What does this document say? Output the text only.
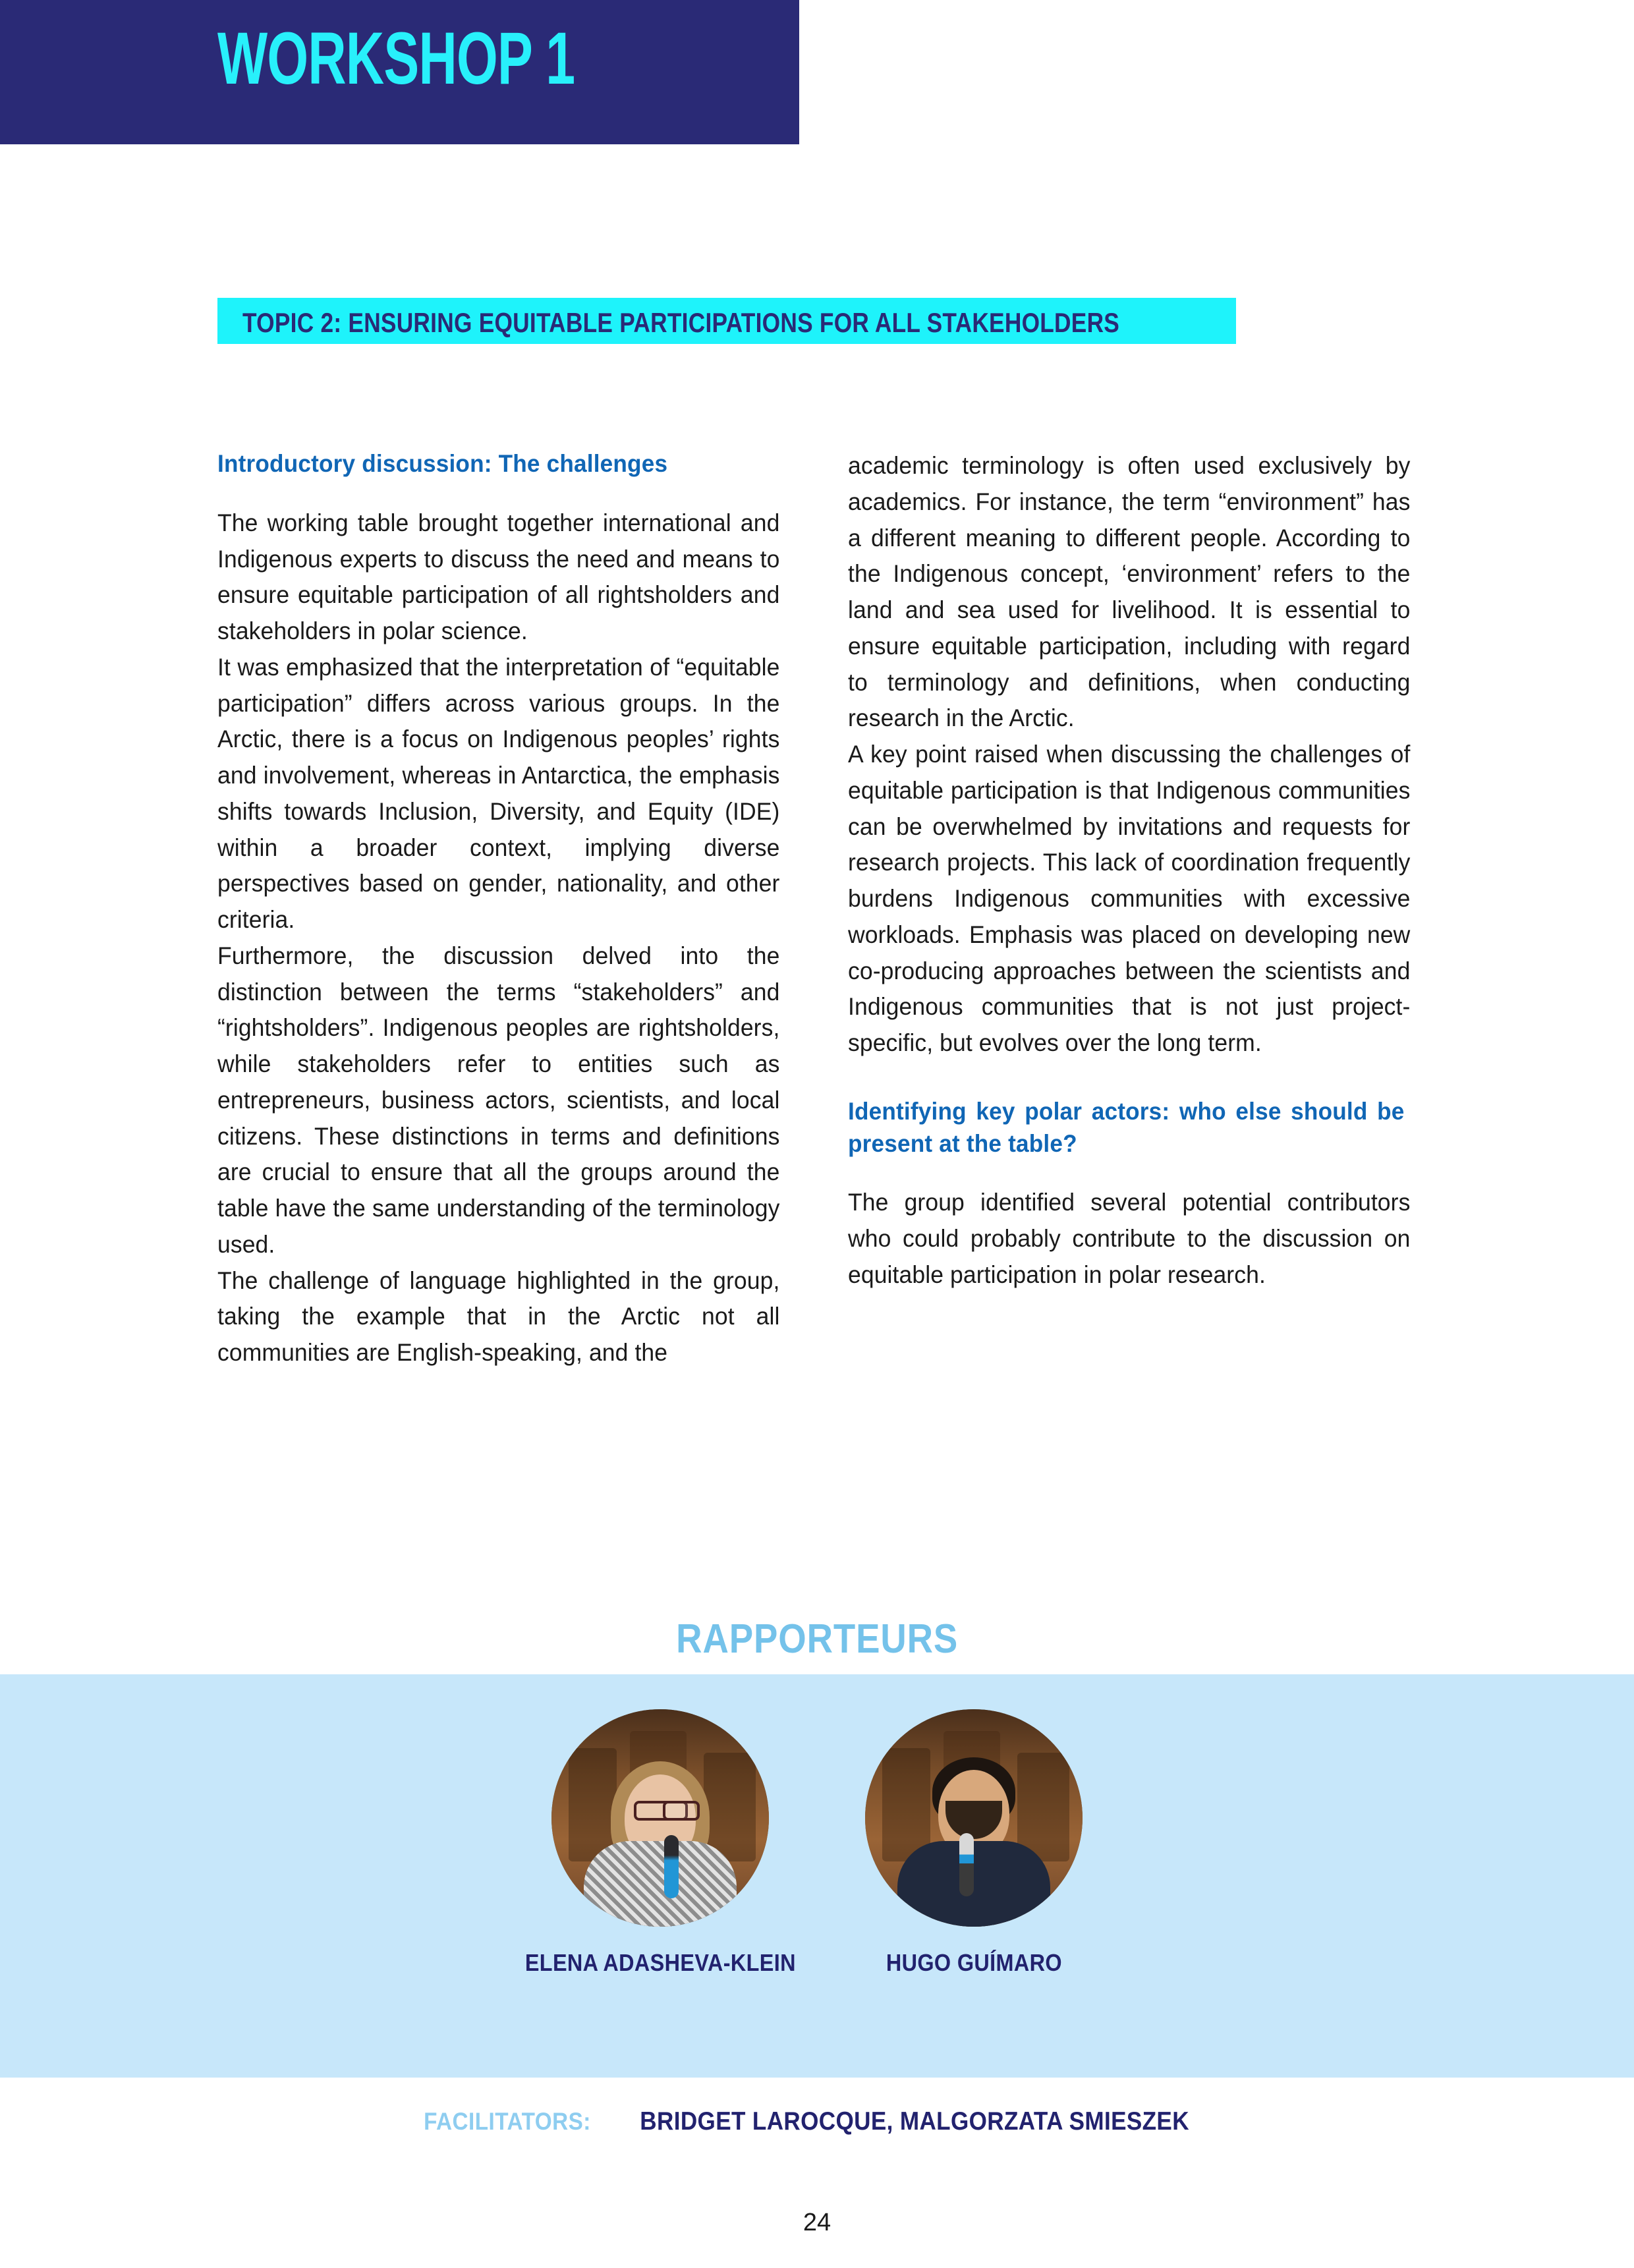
WORKSHOP 1
TOPIC 2: ENSURING EQUITABLE PARTICIPATIONS FOR ALL STAKEHOLDERS
Introductory discussion: The challenges

The working table brought together international and Indigenous experts to discuss the need and means to ensure equitable participation of all rightsholders and stakeholders in polar science.

It was emphasized that the interpretation of “equitable participation” differs across various groups. In the Arctic, there is a focus on Indigenous peoples’ rights and involvement, whereas in Antarctica, the emphasis shifts towards Inclusion, Diversity, and Equity (IDE) within a broader context, implying diverse perspectives based on gender, nationality, and other criteria.

Furthermore, the discussion delved into the distinction between the terms “stakeholders” and “rightsholders”. Indigenous peoples are rightsholders, while stakeholders refer to entities such as entrepreneurs, business actors, scientists, and local citizens. These distinctions in terms and definitions are crucial to ensure that all the groups around the table have the same understanding of the terminology used.

The challenge of language highlighted in the group, taking the example that in the Arctic not all communities are English-speaking, and the

academic terminology is often used exclusively by academics. For instance, the term “environment” has a different meaning to different people. According to the Indigenous concept, ‘environment’ refers to the land and sea used for livelihood. It is essential to ensure equitable participation, including with regard to terminology and definitions, when conducting research in the Arctic.

A key point raised when discussing the challenges of equitable participation is that Indigenous communities can be overwhelmed by invitations and requests for research projects. This lack of coordination frequently burdens Indigenous communities with excessive workloads. Emphasis was placed on developing new co-producing approaches between the scientists and Indigenous communities that is not just project-specific, but evolves over the long term.

Identifying key polar actors: who else should be present at the table?

The group identified several potential contributors who could probably contribute to the discussion on equitable participation in polar research.

RAPPORTEURS
ELENA ADASHEVA-KLEIN	HUGO GUÍMARO
FACILITATORS: BRIDGET LAROCQUE, MALGORZATA SMIESZEK
24
